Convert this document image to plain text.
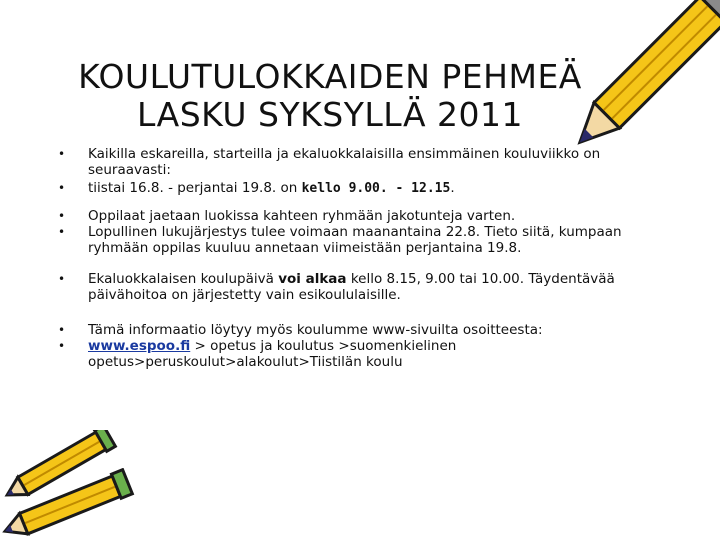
KOULUTULOKKAIDEN PEHMEÄ
LASKU SYKSYLLÄ 2011
• Kaikilla eskareilla, starteilla ja ekaluokkalaisilla ensimmäinen kouluviikko on seuraavasti:
• tiistai 16.8. - perjantai 19.8. on kello 9.00. - 12.15.
• Oppilaat jaetaan luokissa kahteen ryhmään jakotunteja varten.
• Lopullinen lukujärjestys tulee voimaan maanantaina 22.8. Tieto siitä, kumpaan ryhmään oppilas kuuluu annetaan viimeistään perjantaina 19.8.
• Ekaluokkalaisen koulupäivä voi alkaa kello 8.15, 9.00 tai 10.00. Täydentävää päivähoitoa on järjestetty vain esikoululaisille.
• Tämä informaatio löytyy myös koulumme www-sivuilta osoitteesta:
• www.espoo.fi > opetus ja koulutus >suomenkielinen opetus>peruskoulut>alakoulut>Tiistilän koulu
